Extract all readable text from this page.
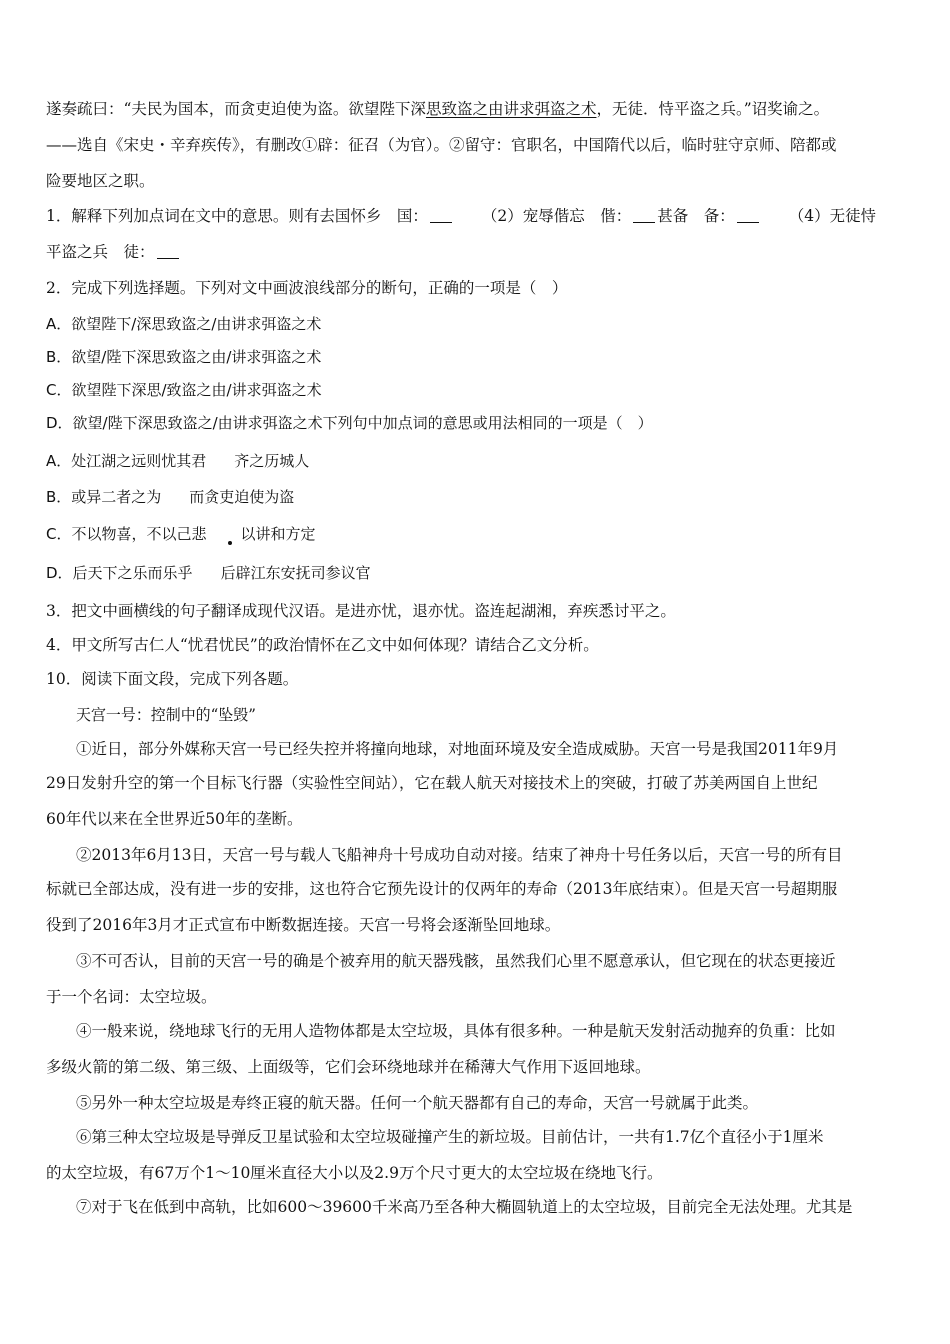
遂奏疏曰：“夫民为国本，而贪吏迫使为盗。欲望陛下深思致盗之由讲求弭盗之术，无徒．恃平盗之兵。”诏奖谕之。
——选自《宋史・辛弃疾传》，有删改①辟：征召（为官）。②留守：官职名，中国隋代以后，临时驻守京师、陪都或
险要地区之职。
1．解释下列加点词在文中的意思。则有去国怀乡　国：	（2）宠辱偕忘　偕： 甚备　备：	（4）无徒恃
平盗之兵　徒：
2．完成下列选择题。下列对文中画波浪线部分的断句，正确的一项是（　）
A．欲望陛下/深思致盗之/由讲求弭盗之术
B．欲望/陛下深思致盗之由/讲求弭盗之术
C．欲望陛下深思/致盗之由/讲求弭盗之术
D．欲望/陛下深思致盗之/由讲求弭盗之术下列句中加点词的意思或用法相同的一项是（　）
A．处江湖之远则忧其君 齐之历城人
B．或异二者之为 而贪吏迫使为盗
C．不以物喜，不以己悲 以讲和方定
D．后天下之乐而乐乎 后辟江东安抚司参议官
3．把文中画横线的句子翻译成现代汉语。是进亦忧，退亦忧。盗连起湖湘，弃疾悉讨平之。
4．甲文所写古仁人“忧君忧民”的政治情怀在乙文中如何体现？请结合乙文分析。
10．阅读下面文段，完成下列各题。
天宫一号：控制中的“坠毁”
①近日，部分外媒称天宫一号已经失控并将撞向地球，对地面环境及安全造成威胁。天宫一号是我国2011年9月
29日发射升空的第一个目标飞行器（实验性空间站），它在载人航天对接技术上的突破，打破了苏美两国自上世纪
60年代以来在全世界近50年的垄断。
②2013年6月13日，天宫一号与载人飞船神舟十号成功自动对接。结束了神舟十号任务以后，天宫一号的所有目
标就已全部达成，没有进一步的安排，这也符合它预先设计的仅两年的寿命（2013年底结束）。但是天宫一号超期服
役到了2016年3月才正式宣布中断数据连接。天宫一号将会逐渐坠回地球。
③不可否认，目前的天宫一号的确是个被弃用的航天器残骸，虽然我们心里不愿意承认，但它现在的状态更接近
于一个名词：太空垃圾。
④一般来说，绕地球飞行的无用人造物体都是太空垃圾，具体有很多种。一种是航天发射活动抛弃的负重：比如
多级火箭的第二级、第三级、上面级等，它们会环绕地球并在稀薄大气作用下返回地球。
⑤另外一种太空垃圾是寿终正寝的航天器。任何一个航天器都有自己的寿命，天宫一号就属于此类。
⑥第三种太空垃圾是导弹反卫星试验和太空垃圾碰撞产生的新垃圾。目前估计，一共有1.7亿个直径小于1厘米
的太空垃圾，有67万个1～10厘米直径大小以及2.9万个尺寸更大的太空垃圾在绕地飞行。
⑦对于飞在低到中高轨，比如600～39600千米高乃至各种大椭圆轨道上的太空垃圾，目前完全无法处理。尤其是
